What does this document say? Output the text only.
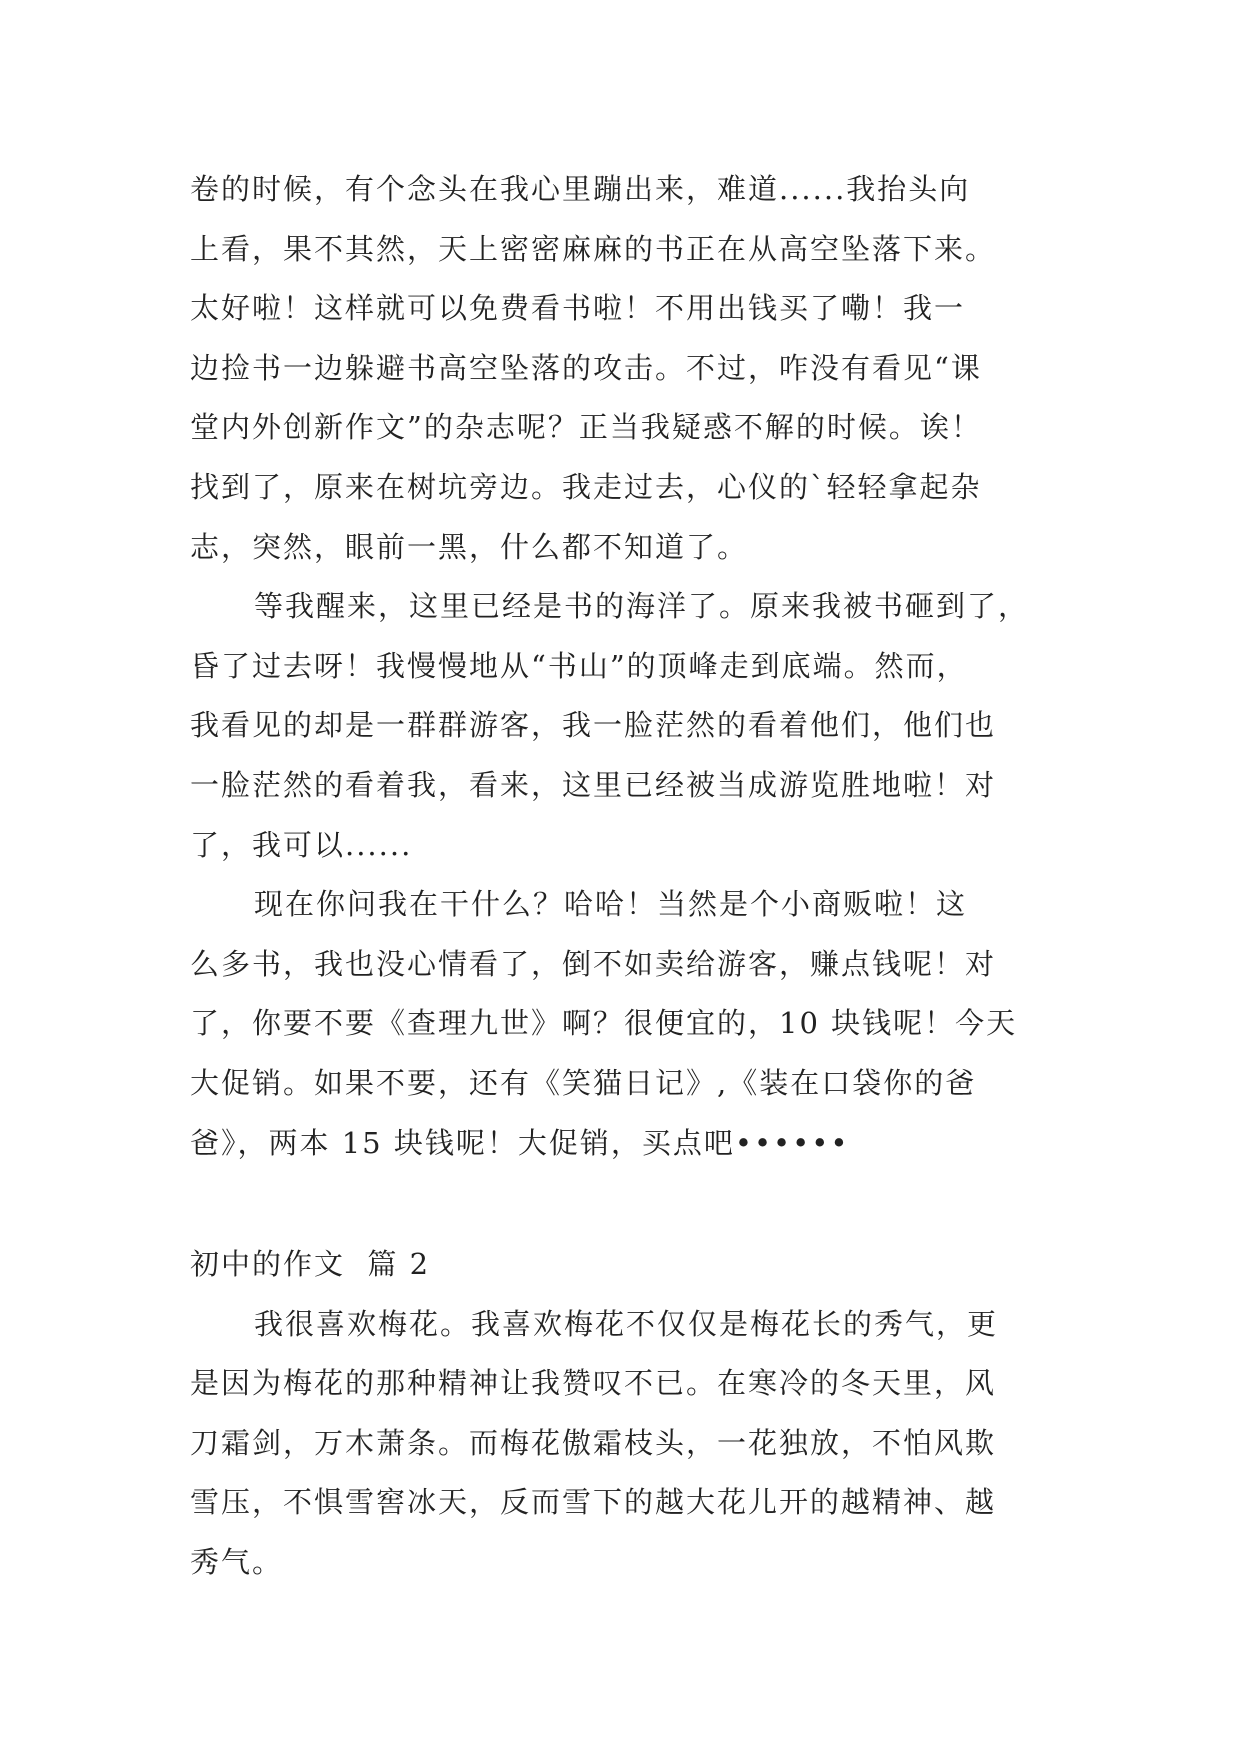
卷的时候，有个念头在我心里蹦出来，难道......我抬头向
上看，果不其然，天上密密麻麻的书正在从高空坠落下来。
太好啦！这样就可以免费看书啦！不用出钱买了嘞！我一
边捡书一边躲避书高空坠落的攻击。不过，咋没有看见“课
堂内外创新作文”的杂志呢？正当我疑惑不解的时候。诶！
找到了，原来在树坑旁边。我走过去，心仪的`轻轻拿起杂
志，突然，眼前一黑，什么都不知道了。
等我醒来，这里已经是书的海洋了。原来我被书砸到了，
昏了过去呀！我慢慢地从“书山”的顶峰走到底端。然而，
我看见的却是一群群游客，我一脸茫然的看着他们，他们也
一脸茫然的看着我，看来，这里已经被当成游览胜地啦！对
了，我可以......
现在你问我在干什么？哈哈！当然是个小商贩啦！这
么多书，我也没心情看了，倒不如卖给游客，赚点钱呢！对
了，你要不要《查理九世》啊？很便宜的，10 块钱呢！今天
大促销。如果不要，还有《笑猫日记》,《装在口袋你的爸
爸》，两本 15 块钱呢！大促销，买点吧••••••
初中的作文  篇 2
我很喜欢梅花。我喜欢梅花不仅仅是梅花长的秀气，更
是因为梅花的那种精神让我赞叹不已。在寒冷的冬天里，风
刀霜剑，万木萧条。而梅花傲霜枝头，一花独放，不怕风欺
雪压，不惧雪窖冰天，反而雪下的越大花儿开的越精神、越
秀气。
